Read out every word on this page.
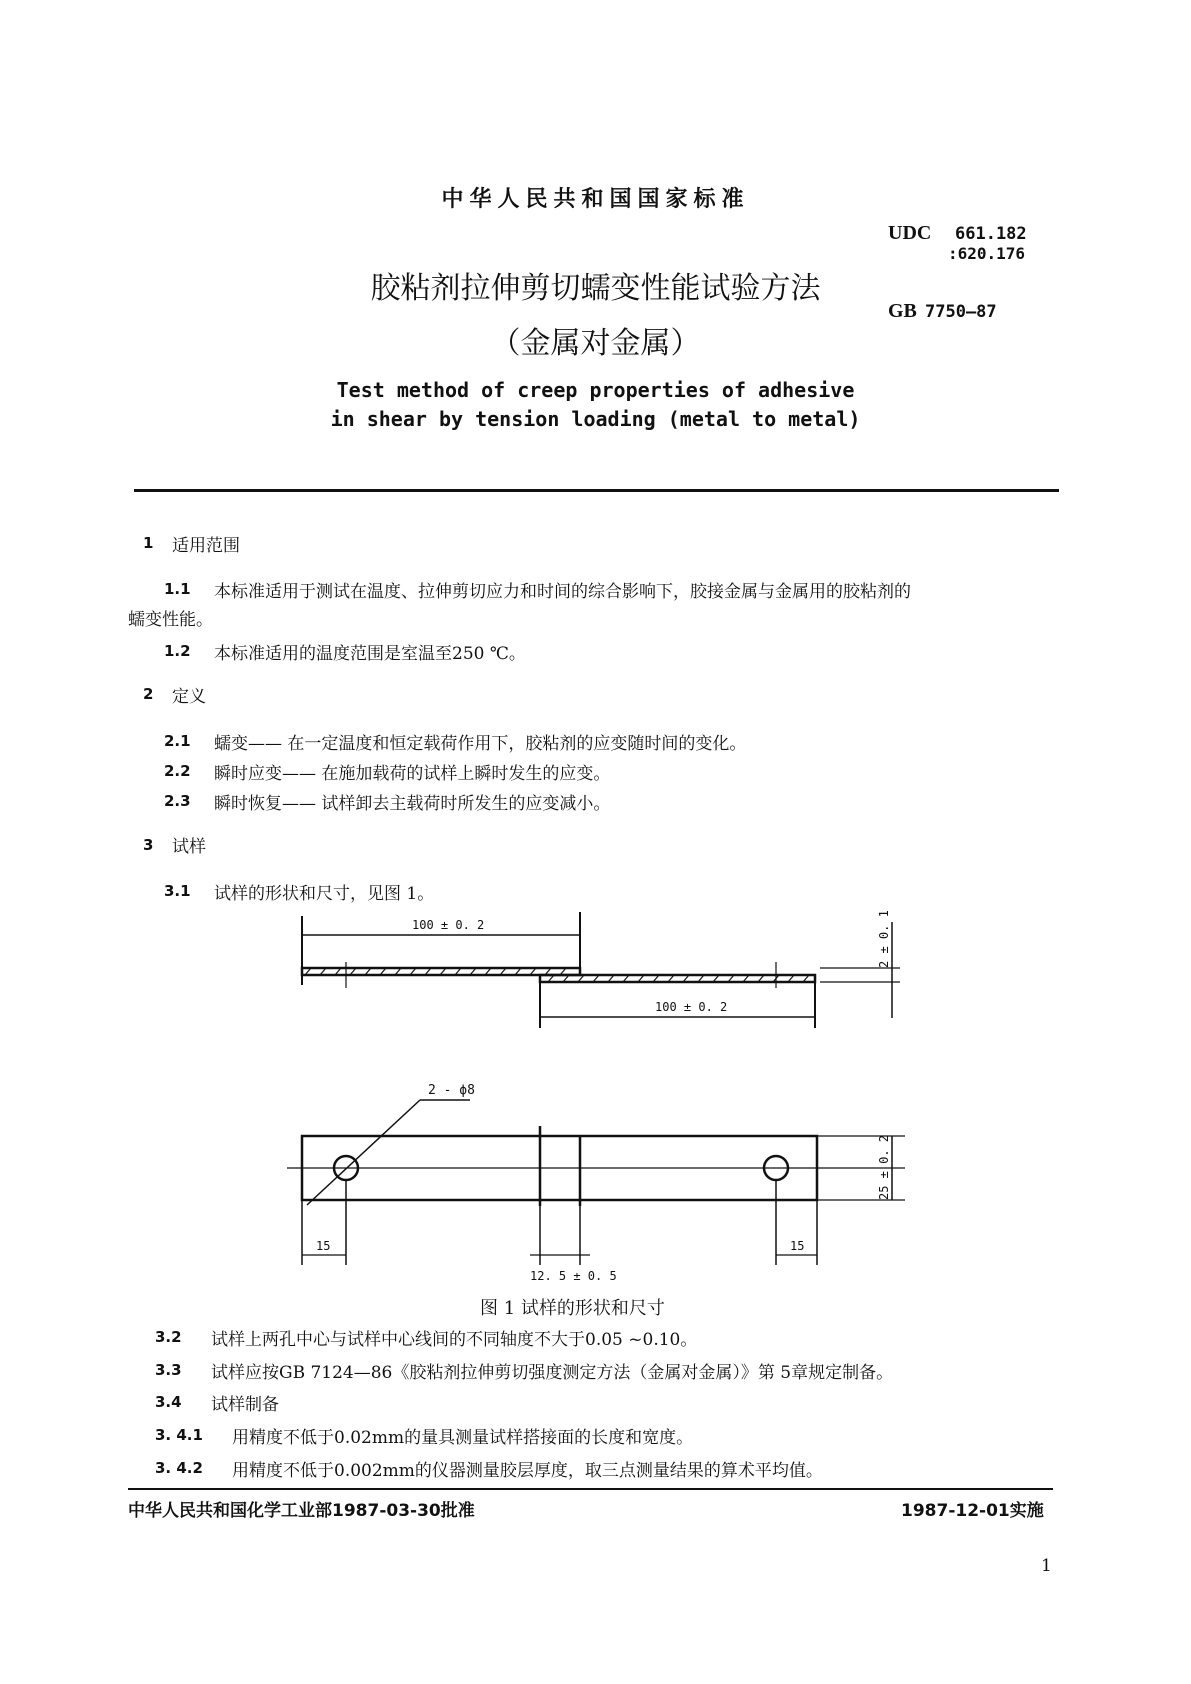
中华人民共和国国家标准
胶粘剂拉伸剪切蠕变性能试验方法
（金属对金属）
Test method of creep properties of adhesive
in shear by tension loading (metal to metal)
UDC 661.182
:620.176
GB 7750—87
1 适用范围
1.1 本标准适用于测试在温度、拉伸剪切应力和时间的综合影响下，胶接金属与金属用的胶粘剂的
蠕变性能。
1.2 本标准适用的温度范围是室温至250 ℃。
2 定义
2.1 蠕变—— 在一定温度和恒定载荷作用下，胶粘剂的应变随时间的变化。
2.2 瞬时应变—— 在施加载荷的试样上瞬时发生的应变。
2.3 瞬时恢复—— 试样卸去主载荷时所发生的应变减小。
3 试样
3.1 试样的形状和尺寸，见图 1。
100 ± 0. 2
100 ± 0. 2
2 ± 0. 1
2 - ϕ8
25 ± 0. 2
15	15
12. 5 ± 0. 5
图 1 试样的形状和尺寸
3.2 试样上两孔中心与试样中心线间的不同轴度不大于0.05 ~0.10。
3.3 试样应按GB 7124—86《胶粘剂拉伸剪切强度测定方法（金属对金属）》第 5章规定制备。
3.4 试样制备
3. 4.1 用精度不低于0.02mm的量具测量试样搭接面的长度和宽度。
3. 4.2 用精度不低于0.002mm的仪器测量胶层厚度，取三点测量结果的算术平均值。
中华人民共和国化学工业部1987-03-30批准	1987-12-01实施
1
